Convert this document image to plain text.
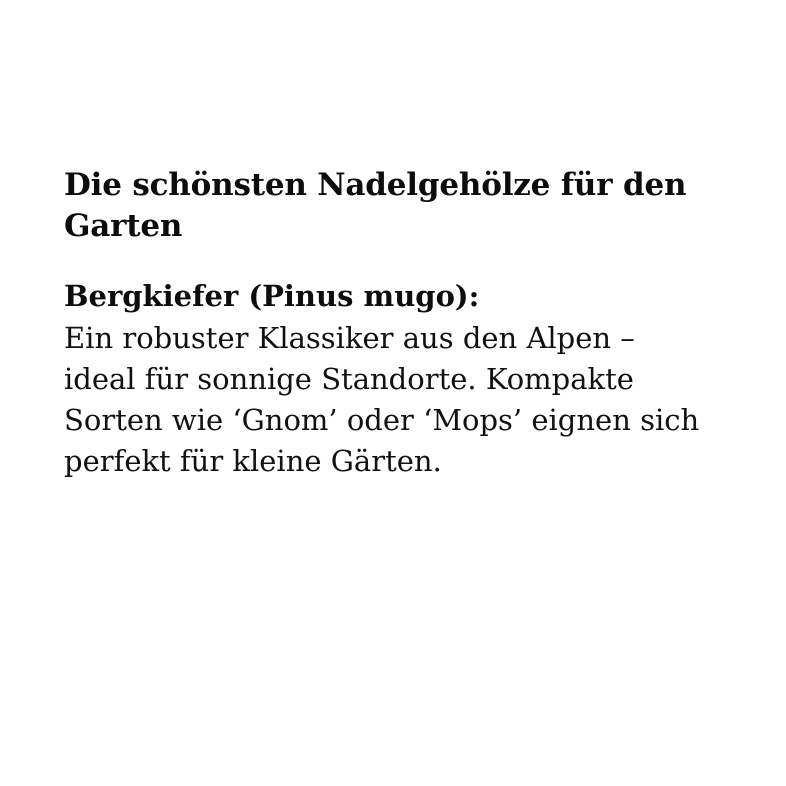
Die schönsten Nadelgehölze für den Garten
Bergkiefer (Pinus mugo):

Ein robuster Klassiker aus den Alpen – ideal für sonnige Standorte. Kompakte Sorten wie ‘Gnom’ oder ‘Mops’ eignen sich perfekt für kleine Gärten.
